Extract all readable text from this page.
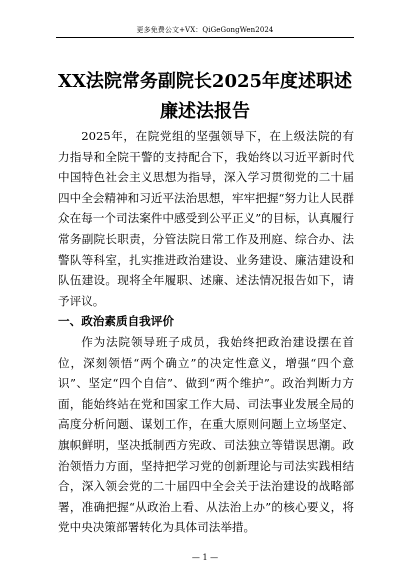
更多免费公文+VX：QiGeGongWen2024
XX法院常务副院长2025年度述职述廉述法报告

2025年，在院党组的坚强领导下，在上级法院的有力指导和全院干警的支持配合下，我始终以习近平新时代中国特色社会主义思想为指导，深入学习贯彻党的二十届四中全会精神和习近平法治思想，牢牢把握“努力让人民群众在每一个司法案件中感受到公平正义”的目标，认真履行常务副院长职责，分管法院日常工作及刑庭、综合办、法警队等科室，扎实推进政治建设、业务建设、廉洁建设和队伍建设。现将全年履职、述廉、述法情况报告如下，请予评议。

一、政治素质自我评价

作为法院领导班子成员，我始终把政治建设摆在首位，深刻领悟“两个确立”的决定性意义，增强“四个意识”、坚定“四个自信”、做到“两个维护”。政治判断力方面，能始终站在党和国家工作大局、司法事业发展全局的高度分析问题、谋划工作，在重大原则问题上立场坚定、旗帜鲜明，坚决抵制西方宪政、司法独立等错误思潮。政治领悟力方面，坚持把学习党的创新理论与司法实践相结合，深入领会党的二十届四中全会关于法治建设的战略部署，准确把握“从政治上看、从法治上办”的核心要义，将党中央决策部署转化为具体司法举措。

— 1 —
